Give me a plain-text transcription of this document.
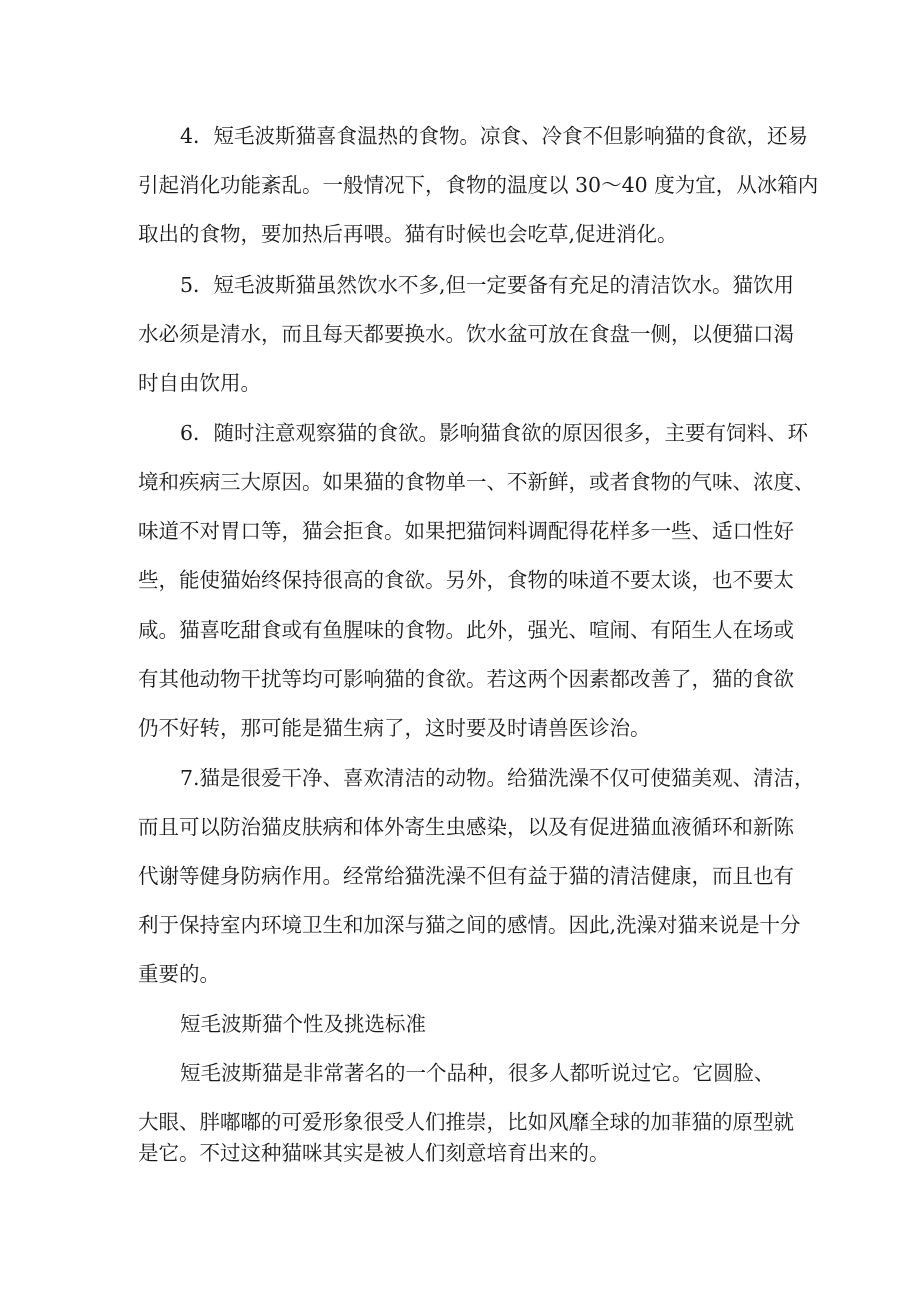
4．短毛波斯猫喜食温热的食物。凉食、冷食不但影响猫的食欲，还易
引起消化功能紊乱。一般情况下，食物的温度以 30～40 度为宜，从冰箱内
取出的食物，要加热后再喂。猫有时候也会吃草,促进消化。
5．短毛波斯猫虽然饮水不多,但一定要备有充足的清洁饮水。猫饮用
水必须是清水，而且每天都要换水。饮水盆可放在食盘一侧，以便猫口渴
时自由饮用。
6．随时注意观察猫的食欲。影响猫食欲的原因很多，主要有饲料、环
境和疾病三大原因。如果猫的食物单一、不新鲜，或者食物的气味、浓度、
味道不对胃口等，猫会拒食。如果把猫饲料调配得花样多一些、适口性好
些，能使猫始终保持很高的食欲。另外，食物的味道不要太谈，也不要太
咸。猫喜吃甜食或有鱼腥味的食物。此外，强光、喧闹、有陌生人在场或
有其他动物干扰等均可影响猫的食欲。若这两个因素都改善了，猫的食欲
仍不好转，那可能是猫生病了，这时要及时请兽医诊治。
7.猫是很爱干净、喜欢清洁的动物。给猫洗澡不仅可使猫美观、清洁，
而且可以防治猫皮肤病和体外寄生虫感染，以及有促进猫血液循环和新陈
代谢等健身防病作用。经常给猫洗澡不但有益于猫的清洁健康，而且也有
利于保持室内环境卫生和加深与猫之间的感情。因此,洗澡对猫来说是十分
重要的。
短毛波斯猫个性及挑选标准
短毛波斯猫是非常著名的一个品种，很多人都听说过它。它圆脸、
大眼、胖嘟嘟的可爱形象很受人们推崇，比如风靡全球的加菲猫的原型就
是它。不过这种猫咪其实是被人们刻意培育出来的。
